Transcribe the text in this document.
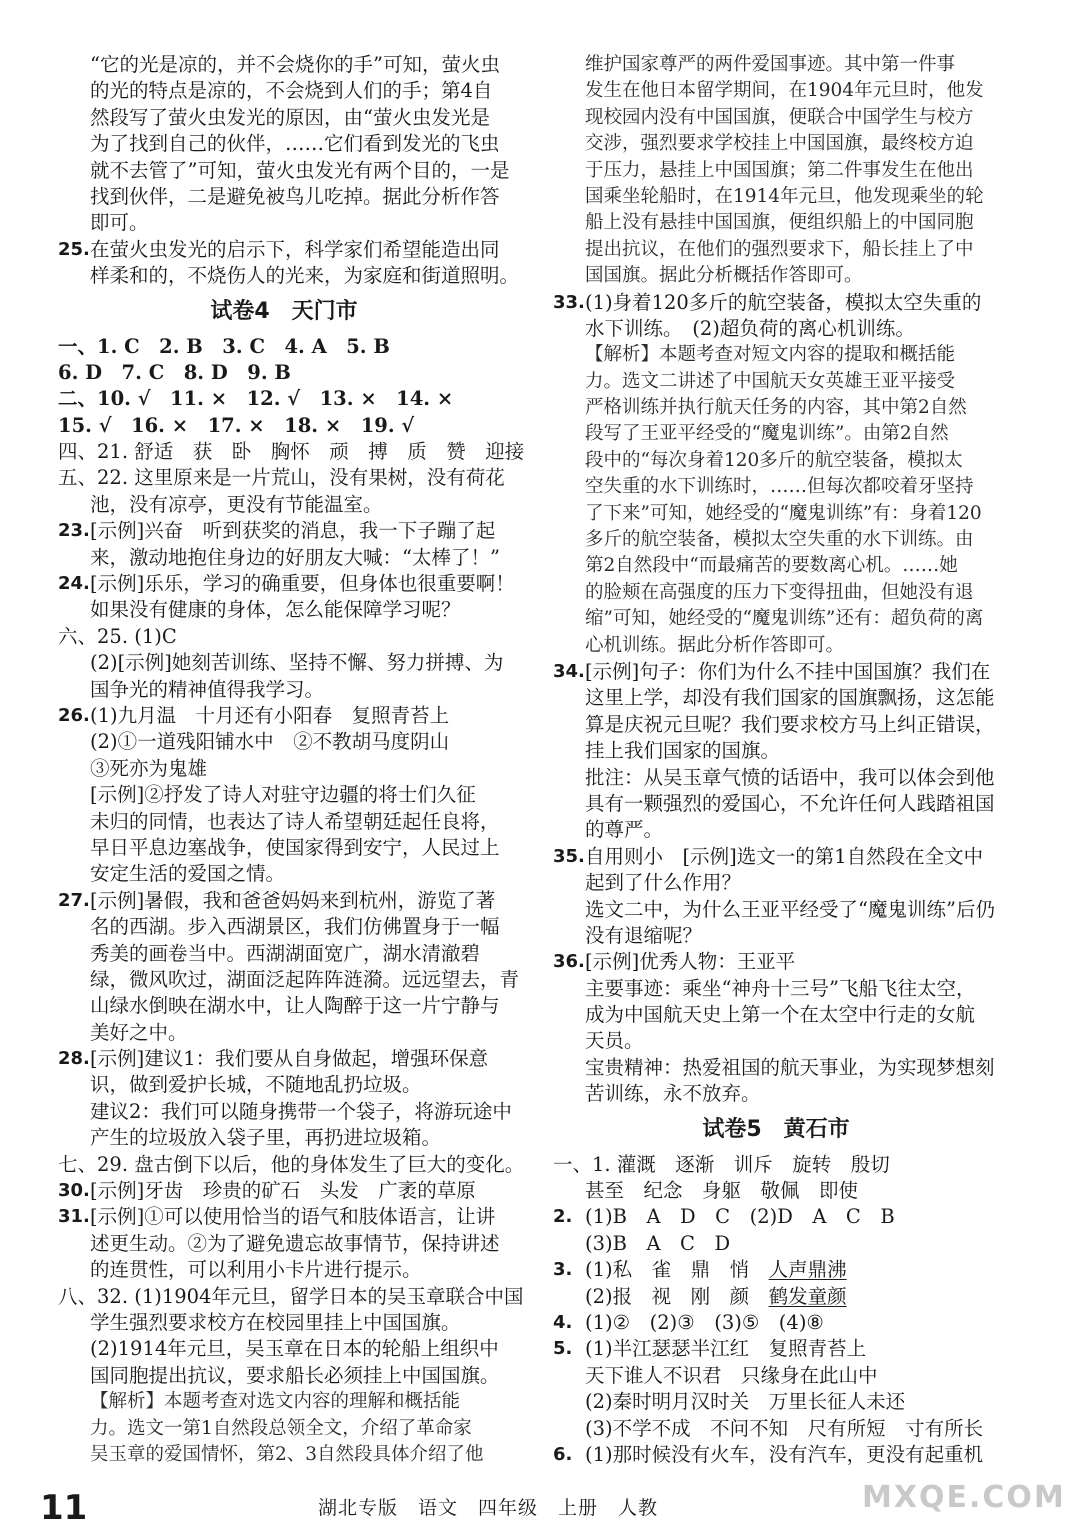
“它的光是凉的，并不会烧你的手”可知，萤火虫
的光的特点是凉的，不会烧到人们的手；第4自
然段写了萤火虫发光的原因，由“萤火虫发光是
为了找到自己的伙伴，……它们看到发光的飞虫
就不去管了”可知，萤火虫发光有两个目的，一是
找到伙伴，二是避免被鸟儿吃掉。据此分析作答
即可。
25. 在萤火虫发光的启示下，科学家们希望能造出同
样柔和的，不烧伤人的光来，为家庭和街道照明。
试卷4　天门市
一、1. C　2. B　3. C　4. A　5. B
6. D　7. C　8. D　9. B
二、10. √　11. ×　12. √　13. ×　14. ×
15. √　16. ×　17. ×　18. ×　19. √
四、21. 舒适　获　卧　胸怀　顽　搏　质　赞　迎接
五、22. 这里原来是一片荒山，没有果树，没有荷花
池，没有凉亭，更没有节能温室。
23. [示例]兴奋　听到获奖的消息，我一下子蹦了起
来，激动地抱住身边的好朋友大喊：“太棒了！”
24. [示例]乐乐，学习的确重要，但身体也很重要啊！
如果没有健康的身体，怎么能保障学习呢？
六、25. (1)C
(2)[示例]她刻苦训练、坚持不懈、努力拼搏、为
国争光的精神值得我学习。
26. (1)九月温　十月还有小阳春　复照青苔上
(2)①一道残阳铺水中　②不教胡马度阴山
③死亦为鬼雄
[示例]②抒发了诗人对驻守边疆的将士们久征
未归的同情，也表达了诗人希望朝廷起任良将，
早日平息边塞战争，使国家得到安宁，人民过上
安定生活的爱国之情。
27. [示例]暑假，我和爸爸妈妈来到杭州，游览了著
名的西湖。步入西湖景区，我们仿佛置身于一幅
秀美的画卷当中。西湖湖面宽广，湖水清澈碧
绿，微风吹过，湖面泛起阵阵涟漪。远远望去，青
山绿水倒映在湖水中，让人陶醉于这一片宁静与
美好之中。
28. [示例]建议1：我们要从自身做起，增强环保意
识，做到爱护长城，不随地乱扔垃圾。
建议2：我们可以随身携带一个袋子，将游玩途中
产生的垃圾放入袋子里，再扔进垃圾箱。
七、29. 盘古倒下以后，他的身体发生了巨大的变化。
30. [示例]牙齿　珍贵的矿石　头发　广袤的草原
31. [示例]①可以使用恰当的语气和肢体语言，让讲
述更生动。②为了避免遗忘故事情节，保持讲述
的连贯性，可以利用小卡片进行提示。
八、32. (1)1904年元旦，留学日本的吴玉章联合中国
学生强烈要求校方在校园里挂上中国国旗。
(2)1914年元旦，吴玉章在日本的轮船上组织中
国同胞提出抗议，要求船长必须挂上中国国旗。
【解析】本题考查对选文内容的理解和概括能
力。选文一第1自然段总领全文，介绍了革命家
吴玉章的爱国情怀，第2、3自然段具体介绍了他
维护国家尊严的两件爱国事迹。其中第一件事
发生在他日本留学期间，在1904年元旦时，他发
现校园内没有中国国旗，便联合中国学生与校方
交涉，强烈要求学校挂上中国国旗，最终校方迫
于压力，悬挂上中国国旗；第二件事发生在他出
国乘坐轮船时，在1914年元旦，他发现乘坐的轮
船上没有悬挂中国国旗，便组织船上的中国同胞
提出抗议，在他们的强烈要求下，船长挂上了中
国国旗。据此分析概括作答即可。
33. (1)身着120多斤的航空装备，模拟太空失重的
水下训练。　(2)超负荷的离心机训练。
【解析】本题考查对短文内容的提取和概括能
力。选文二讲述了中国航天女英雄王亚平接受
严格训练并执行航天任务的内容，其中第2自然
段写了王亚平经受的“魔鬼训练”。由第2自然
段中的“每次身着120多斤的航空装备，模拟太
空失重的水下训练时，……但每次都咬着牙坚持
了下来”可知，她经受的“魔鬼训练”有：身着120
多斤的航空装备，模拟太空失重的水下训练。由
第2自然段中“而最痛苦的要数离心机。……她
的脸颊在高强度的压力下变得扭曲，但她没有退
缩”可知，她经受的“魔鬼训练”还有：超负荷的离
心机训练。据此分析作答即可。
34. [示例]句子：你们为什么不挂中国国旗？我们在
这里上学，却没有我们国家的国旗飘扬，这怎能
算是庆祝元旦呢？我们要求校方马上纠正错误，
挂上我们国家的国旗。
批注：从吴玉章气愤的话语中，我可以体会到他
具有一颗强烈的爱国心，不允许任何人践踏祖国
的尊严。
35. 自用则小　[示例]选文一的第1自然段在全文中
起到了什么作用？
选文二中，为什么王亚平经受了“魔鬼训练”后仍
没有退缩呢？
36. [示例]优秀人物：王亚平
主要事迹：乘坐“神舟十三号”飞船飞往太空，
成为中国航天史上第一个在太空中行走的女航
天员。
宝贵精神：热爱祖国的航天事业，为实现梦想刻
苦训练，永不放弃。
试卷5　黄石市
一、1. 灌溉　逐渐　训斥　旋转　殷切
甚至　纪念　身躯　敬佩　即使
2. (1)B　A　D　C　(2)D　A　C　B
(3)B　A　C　D
3. (1)私　雀　鼎　悄　人声鼎沸
(2)报　视　刚　颜　鹤发童颜
4. (1)②　(2)③　(3)⑤　(4)⑧
5. (1)半江瑟瑟半江红　复照青苔上
天下谁人不识君　只缘身在此山中
(2)秦时明月汉时关　万里长征人未还
(3)不学不成　不问不知　尺有所短　寸有所长
6. (1)那时候没有火车，没有汽车，更没有起重机
11	湖北专版　语文　四年级　上册　人教	MXQE.COM
